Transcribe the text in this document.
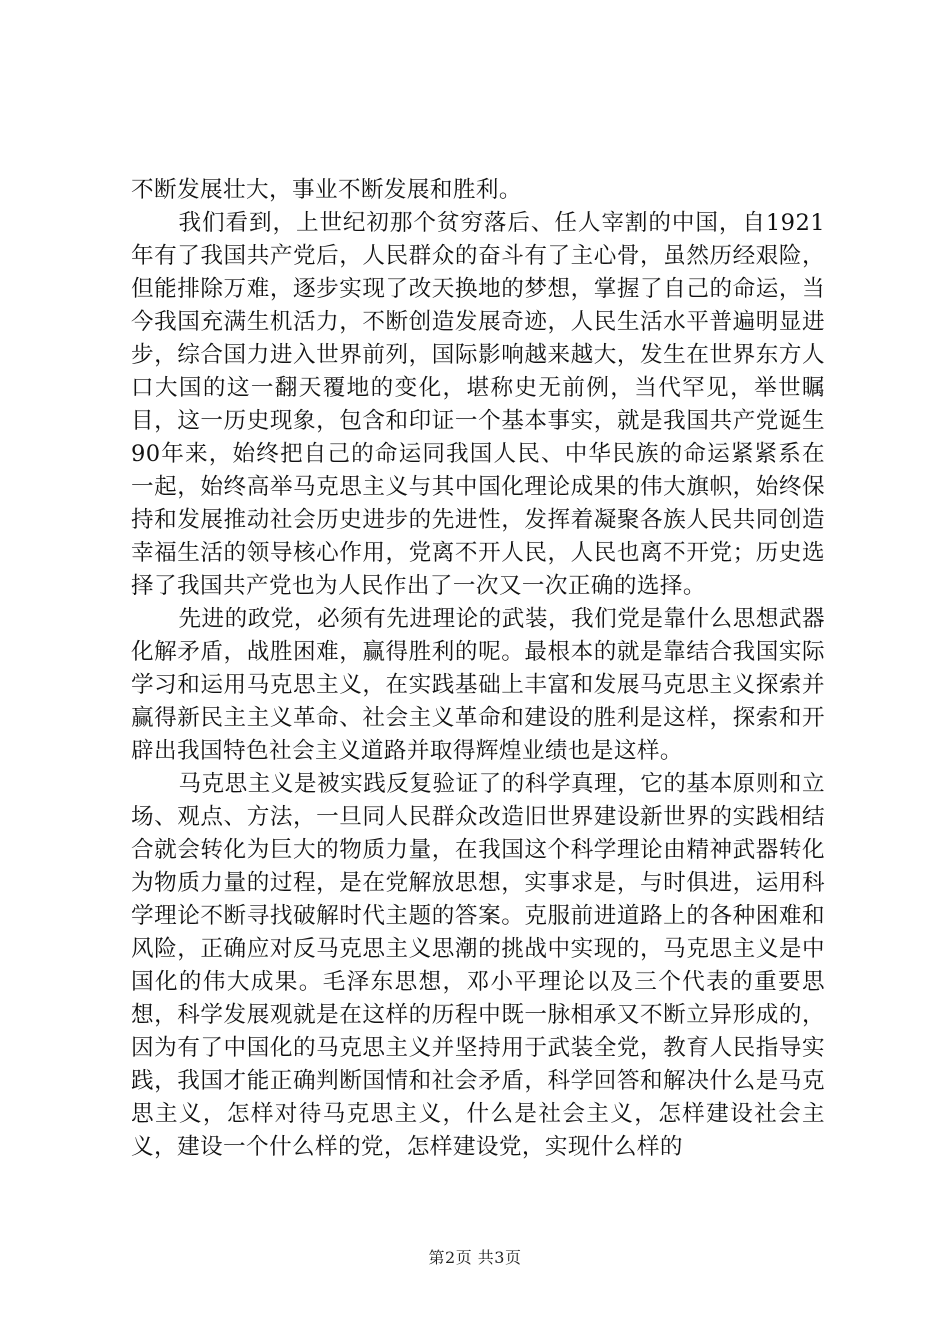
不断发展壮大，事业不断发展和胜利。

我们看到，上世纪初那个贫穷落后、任人宰割的中国，自1921年有了我国共产党后，人民群众的奋斗有了主心骨，虽然历经艰险，但能排除万难，逐步实现了改天换地的梦想，掌握了自己的命运，当今我国充满生机活力，不断创造发展奇迹，人民生活水平普遍明显进步，综合国力进入世界前列，国际影响越来越大，发生在世界东方人口大国的这一翻天覆地的变化，堪称史无前例，当代罕见，举世瞩目，这一历史现象，包含和印证一个基本事实，就是我国共产党诞生90年来，始终把自己的命运同我国人民、中华民族的命运紧紧系在一起，始终高举马克思主义与其中国化理论成果的伟大旗帜，始终保持和发展推动社会历史进步的先进性，发挥着凝聚各族人民共同创造幸福生活的领导核心作用，党离不开人民，人民也离不开党；历史选择了我国共产党也为人民作出了一次又一次正确的选择。

先进的政党，必须有先进理论的武装，我们党是靠什么思想武器化解矛盾，战胜困难，赢得胜利的呢。最根本的就是靠结合我国实际学习和运用马克思主义，在实践基础上丰富和发展马克思主义探索并赢得新民主主义革命、社会主义革命和建设的胜利是这样，探索和开辟出我国特色社会主义道路并取得辉煌业绩也是这样。

马克思主义是被实践反复验证了的科学真理，它的基本原则和立场、观点、方法，一旦同人民群众改造旧世界建设新世界的实践相结合就会转化为巨大的物质力量，在我国这个科学理论由精神武器转化为物质力量的过程，是在党解放思想，实事求是，与时俱进，运用科学理论不断寻找破解时代主题的答案。克服前进道路上的各种困难和风险，正确应对反马克思主义思潮的挑战中实现的，马克思主义是中国化的伟大成果。毛泽东思想，邓小平理论以及三个代表的重要思想，科学发展观就是在这样的历程中既一脉相承又不断立异形成的，因为有了中国化的马克思主义并坚持用于武装全党，教育人民指导实践，我国才能正确判断国情和社会矛盾，科学回答和解决什么是马克思主义，怎样对待马克思主义，什么是社会主义，怎样建设社会主义，建设一个什么样的党，怎样建设党，实现什么样的

第2页 共3页
